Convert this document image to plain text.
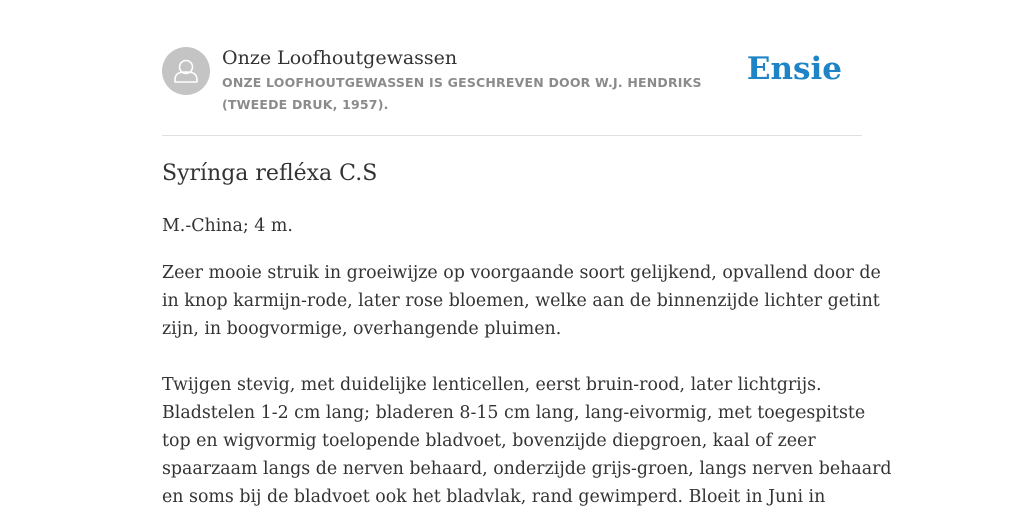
Onze Loofhoutgewassen
ONZE LOOFHOUTGEWASSEN IS GESCHREVEN DOOR W.J. HENDRIKS (TWEEDE DRUK, 1957).
Ensie
Syrínga refléxa C.S

M.-China; 4 m.

Zeer mooie struik in groeiwijze op voorgaande soort gelijkend, opvallend door de
in knop karmijn-rode, later rose bloemen, welke aan de binnenzijde lichter getint
zijn, in boogvormige, overhangende pluimen.

Twijgen stevig, met duidelijke lenticellen, eerst bruin-rood, later lichtgrijs.
Bladstelen 1-2 cm lang; bladeren 8-15 cm lang, lang-eivormig, met toegespitste
top en wigvormig toelopende bladvoet, bovenzijde diepgroen, kaal of zeer
spaarzaam langs de nerven behaard, onderzijde grijs-groen, langs nerven behaard
en soms bij de bladvoet ook het bladvlak, rand gewimperd. Bloeit in Juni in
